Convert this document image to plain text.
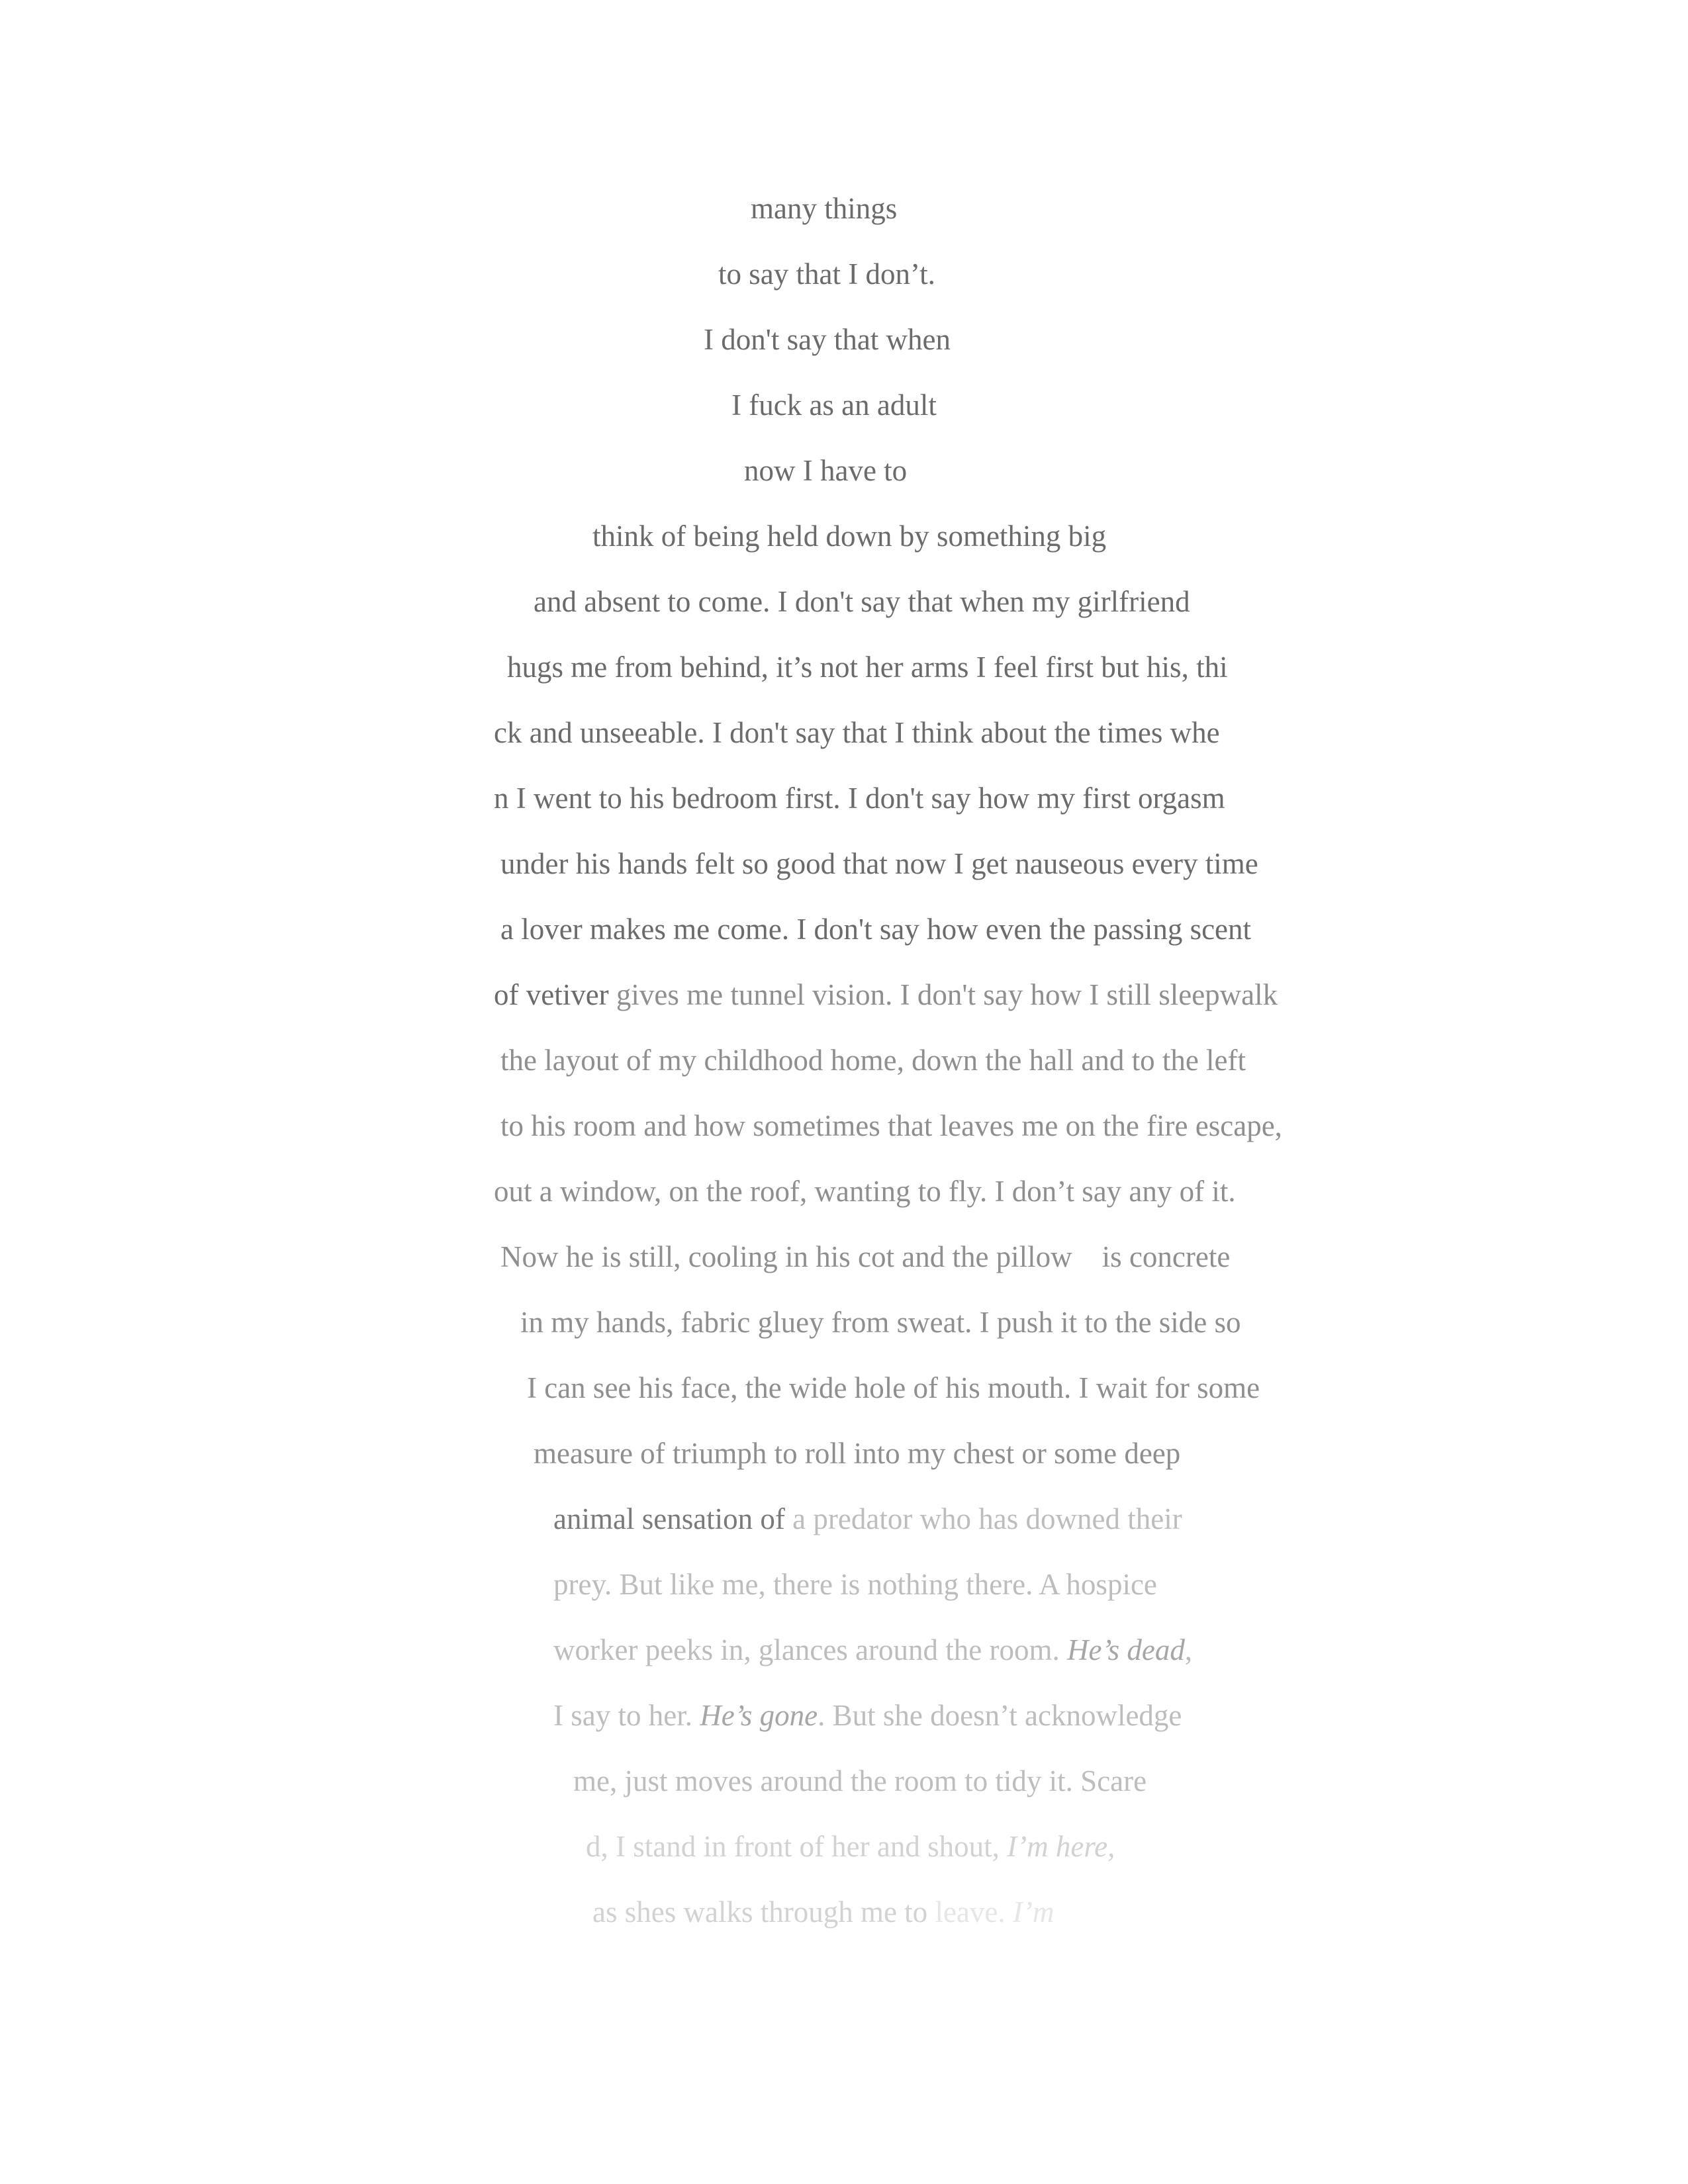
many things
to say that I don’t.
I don't say that when
I fuck as an adult
now I have to
think of being held down by something big
and absent to come. I don't say that when my girlfriend
hugs me from behind, it’s not her arms I feel first but his, thi
ck and unseeable. I don't say that I think about the times whe
n I went to his bedroom first. I don't say how my first orgasm
under his hands felt so good that now I get nauseous every time
a lover makes me come. I don't say how even the passing scent
of vetiver gives me tunnel vision. I don't say how I still sleepwalk
the layout of my childhood home, down the hall and to the left
to his room and how sometimes that leaves me on the fire escape,
out a window, on the roof, wanting to fly. I don’t say any of it.
Now he is still, cooling in his cot and the pillow    is concrete
in my hands, fabric gluey from sweat. I push it to the side so
I can see his face, the wide hole of his mouth. I wait for some
measure of triumph to roll into my chest or some deep
animal sensation of a predator who has downed their
prey. But like me, there is nothing there. A hospice
worker peeks in, glances around the room. He’s dead,
I say to her. He’s gone. But she doesn’t acknowledge
me, just moves around the room to tidy it. Scare
d, I stand in front of her and shout, I’m here,
as shes walks through me to leave. I’m
